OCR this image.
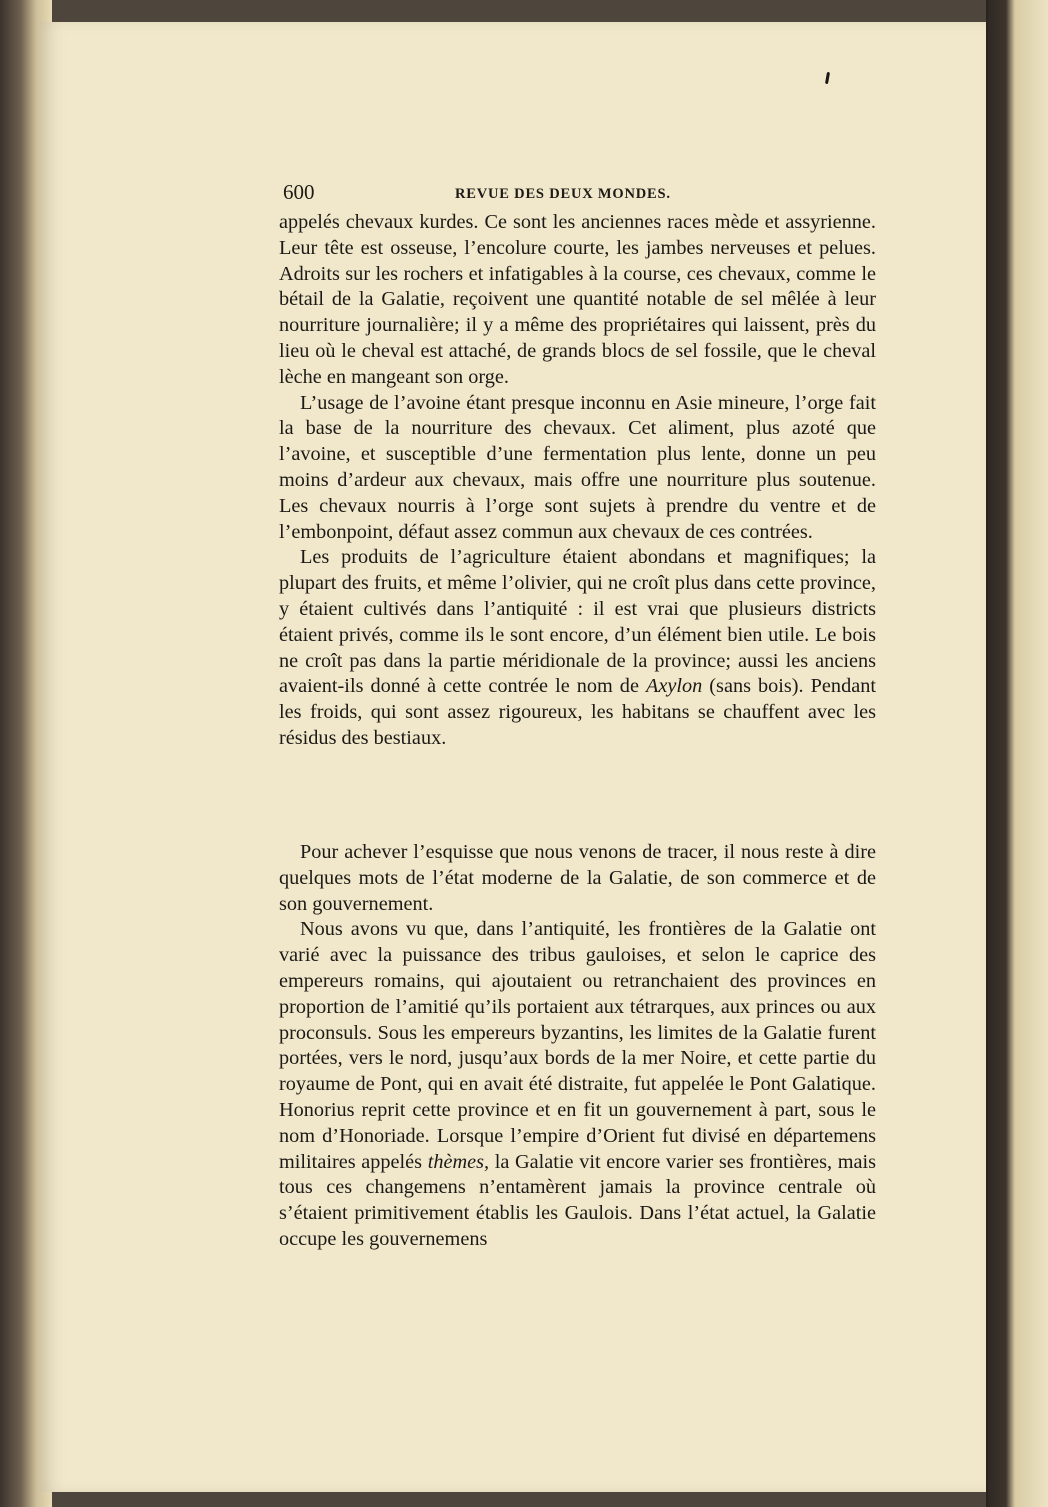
600	REVUE DES DEUX MONDES.

appelés chevaux kurdes. Ce sont les anciennes races mède et assyrienne. Leur tête est osseuse, l’encolure courte, les jambes nerveuses et pelues. Adroits sur les rochers et infatigables à la course, ces chevaux, comme le bétail de la Galatie, reçoivent une quantité notable de sel mêlée à leur nourriture journalière; il y a même des propriétaires qui laissent, près du lieu où le cheval est attaché, de grands blocs de sel fossile, que le cheval lèche en mangeant son orge.

L’usage de l’avoine étant presque inconnu en Asie mineure, l’orge fait la base de la nourriture des chevaux. Cet aliment, plus azoté que l’avoine, et susceptible d’une fermentation plus lente, donne un peu moins d’ardeur aux chevaux, mais offre une nourriture plus soutenue. Les chevaux nourris à l’orge sont sujets à prendre du ventre et de l’embonpoint, défaut assez commun aux chevaux de ces contrées.

Les produits de l’agriculture étaient abondans et magnifiques; la plupart des fruits, et même l’olivier, qui ne croît plus dans cette province, y étaient cultivés dans l’antiquité : il est vrai que plusieurs districts étaient privés, comme ils le sont encore, d’un élément bien utile. Le bois ne croît pas dans la partie méridionale de la province; aussi les anciens avaient-ils donné à cette contrée le nom de Axylon (sans bois). Pendant les froids, qui sont assez rigoureux, les habitans se chauffent avec les résidus des bestiaux.

Pour achever l’esquisse que nous venons de tracer, il nous reste à dire quelques mots de l’état moderne de la Galatie, de son commerce et de son gouvernement.

Nous avons vu que, dans l’antiquité, les frontières de la Galatie ont varié avec la puissance des tribus gauloises, et selon le caprice des empereurs romains, qui ajoutaient ou retranchaient des provinces en proportion de l’amitié qu’ils portaient aux tétrarques, aux princes ou aux proconsuls. Sous les empereurs byzantins, les limites de la Galatie furent portées, vers le nord, jusqu’aux bords de la mer Noire, et cette partie du royaume de Pont, qui en avait été distraite, fut appelée le Pont Galatique. Honorius reprit cette province et en fit un gouvernement à part, sous le nom d’Honoriade. Lorsque l’empire d’Orient fut divisé en départemens militaires appelés thèmes, la Galatie vit encore varier ses frontières, mais tous ces changemens n’entamèrent jamais la province centrale où s’étaient primitivement établis les Gaulois. Dans l’état actuel, la Galatie occupe les gouvernemens
